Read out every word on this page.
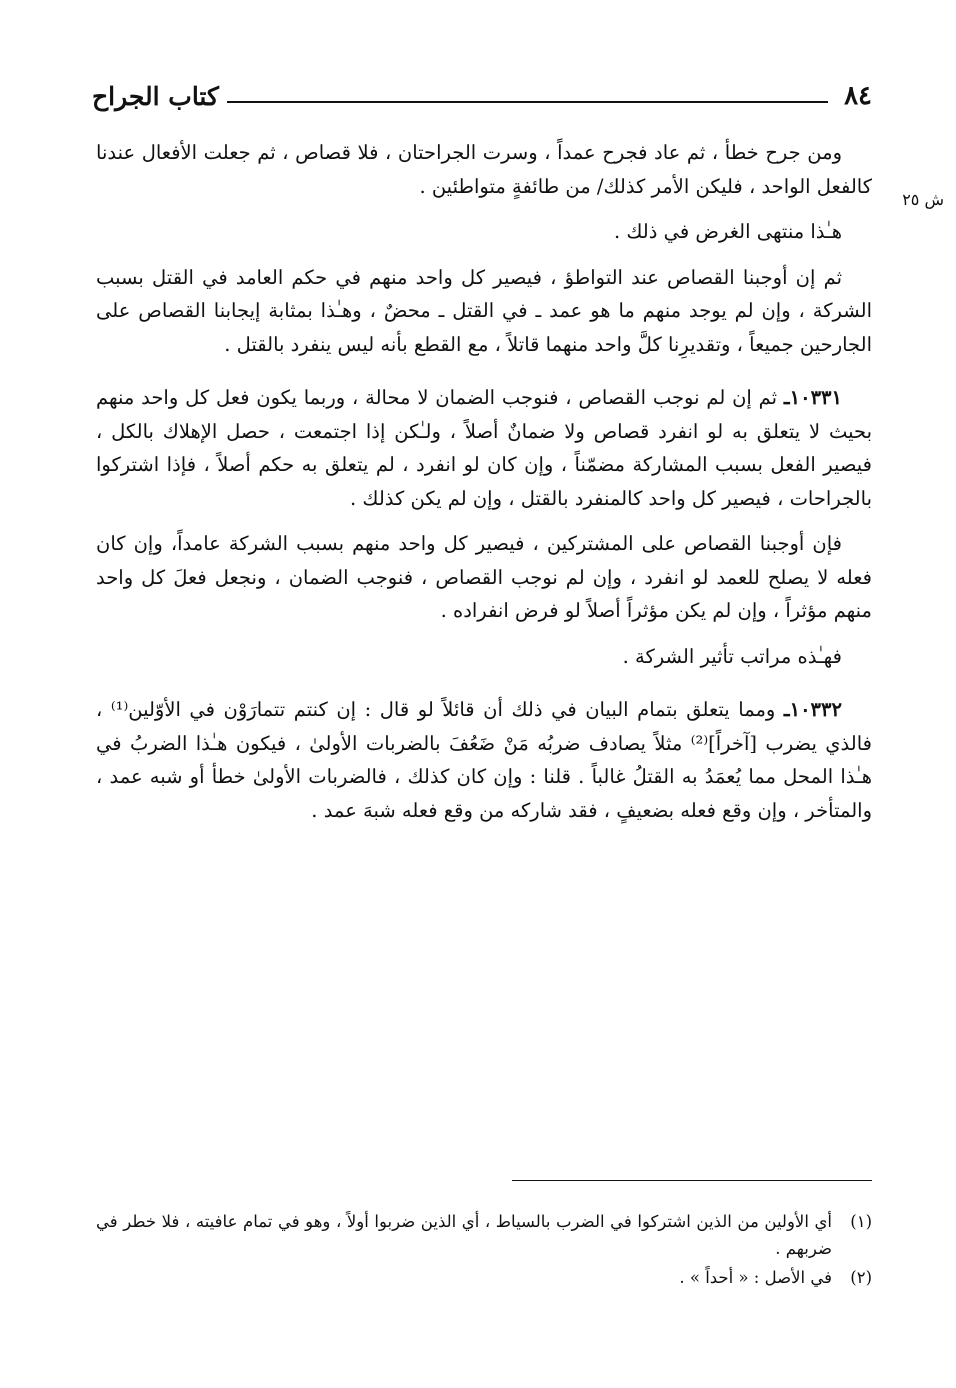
٨٤
كتاب الجراح
ش ٢٥

ومن جرح خطأ ، ثم عاد فجرح عمداً ، وسرت الجراحتان ، فلا قصاص ، ثم جعلت الأفعال عندنا كالفعل الواحد ، فليكن الأمر كذلك/ من طائفةٍ متواطئين .

هـٰذا منتهى الغرض في ذلك .

ثم إن أوجبنا القصاص عند التواطؤ ، فيصير كل واحد منهم في حكم العامد في القتل بسبب الشركة ، وإن لم يوجد منهم ما هو عمد ـ في القتل ـ محضٌ ، وهـٰذا بمثابة إيجابنا القصاص على الجارحين جميعاً ، وتقديرِنا كلَّ واحد منهما قاتلاً ، مع القطع بأنه ليس ينفرد بالقتل .

١٠٣٣١ـ ثم إن لم نوجب القصاص ، فنوجب الضمان لا محالة ، وربما يكون فعل كل واحد منهم بحيث لا يتعلق به لو انفرد قصاص ولا ضمانٌ أصلاً ، ولـٰكن إذا اجتمعت ، حصل الإهلاك بالكل ، فيصير الفعل بسبب المشاركة مضمّناً ، وإن كان لو انفرد ، لم يتعلق به حكم أصلاً ، فإذا اشتركوا بالجراحات ، فيصير كل واحد كالمنفرد بالقتل ، وإن لم يكن كذلك .

فإن أوجبنا القصاص على المشتركين ، فيصير كل واحد منهم بسبب الشركة عامداً، وإن كان فعله لا يصلح للعمد لو انفرد ، وإن لم نوجب القصاص ، فنوجب الضمان ، ونجعل فعلَ كل واحد منهم مؤثراً ، وإن لم يكن مؤثراً أصلاً لو فرض انفراده .

فهـٰذه مراتب تأثير الشركة .

١٠٣٣٢ـ ومما يتعلق بتمام البيان في ذلك أن قائلاً لو قال : إن كنتم تتمارَوْن في الأوّلين⁽¹⁾ ، فالذي يضرب [آخراً]⁽²⁾ مثلاً يصادف ضربُه مَنْ ضَعُفَ بالضربات الأولىٰ ، فيكون هـٰذا الضربُ في هـٰذا المحل مما يُعمَدُ به القتلُ غالباً . قلنا : وإن كان كذلك ، فالضربات الأولىٰ خطأ أو شبه عمد ، والمتأخر ، وإن وقع فعله بضعيفٍ ، فقد شاركه من وقع فعله شبهَ عمد .

(١)
أي الأولين من الذين اشتركوا في الضرب بالسياط ، أي الذين ضربوا أولاً ، وهو في تمام عافيته ، فلا خطر في ضربهم .
(٢)
في الأصل : « أحداً » .
